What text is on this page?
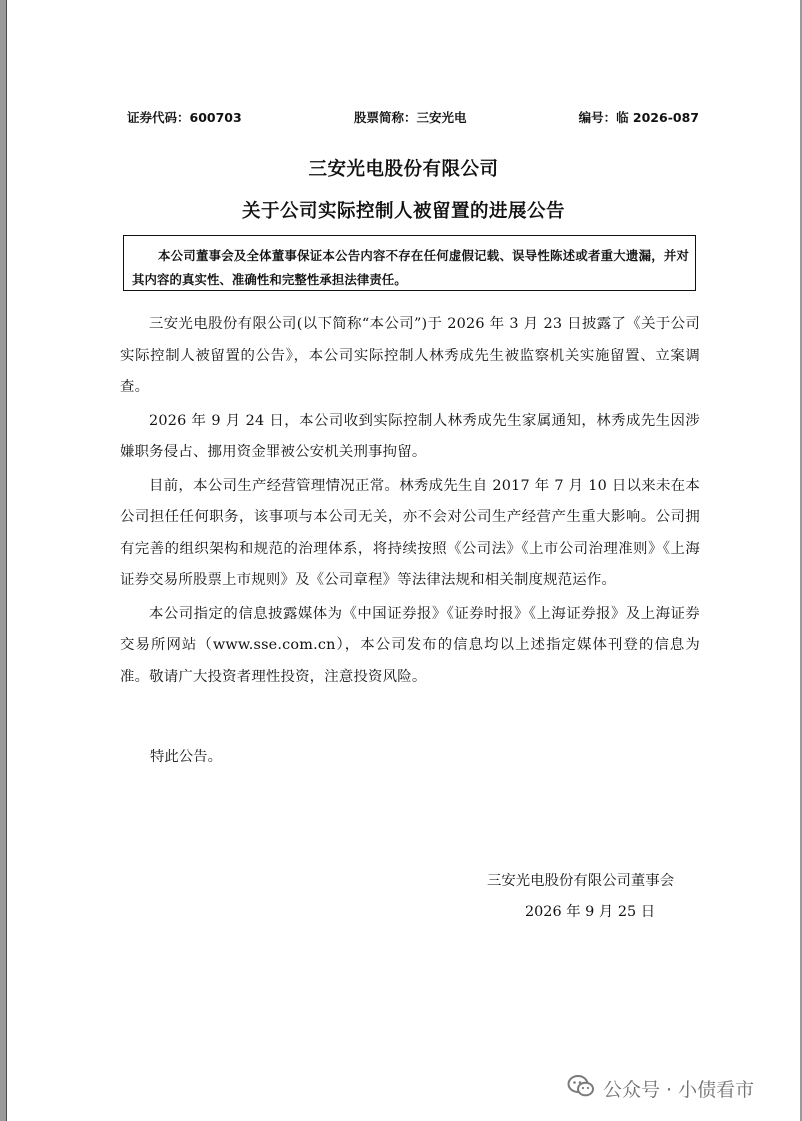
证券代码：600703	股票简称：三安光电	编号：临 2026-087
三安光电股份有限公司
关于公司实际控制人被留置的进展公告
本公司董事会及全体董事保证本公告内容不存在任何虚假记载、误导性陈述或者重大遗漏，并对其内容的真实性、准确性和完整性承担法律责任。

三安光电股份有限公司(以下简称“本公司”)于 2026 年 3 月 23 日披露了《关于公司实际控制人被留置的公告》，本公司实际控制人林秀成先生被监察机关实施留置、立案调查。

2026 年 9 月 24 日，本公司收到实际控制人林秀成先生家属通知，林秀成先生因涉嫌职务侵占、挪用资金罪被公安机关刑事拘留。

目前，本公司生产经营管理情况正常。林秀成先生自 2017 年 7 月 10 日以来未在本公司担任任何职务，该事项与本公司无关，亦不会对公司生产经营产生重大影响。公司拥有完善的组织架构和规范的治理体系，将持续按照《公司法》《上市公司治理准则》《上海证券交易所股票上市规则》及《公司章程》等法律法规和相关制度规范运作。

本公司指定的信息披露媒体为《中国证券报》《证券时报》《上海证券报》及上海证券交易所网站（www.sse.com.cn），本公司发布的信息均以上述指定媒体刊登的信息为准。敬请广大投资者理性投资，注意投资风险。

特此公告。
三安光电股份有限公司董事会
2026 年 9 月 25 日
公众号 · 小债看市
